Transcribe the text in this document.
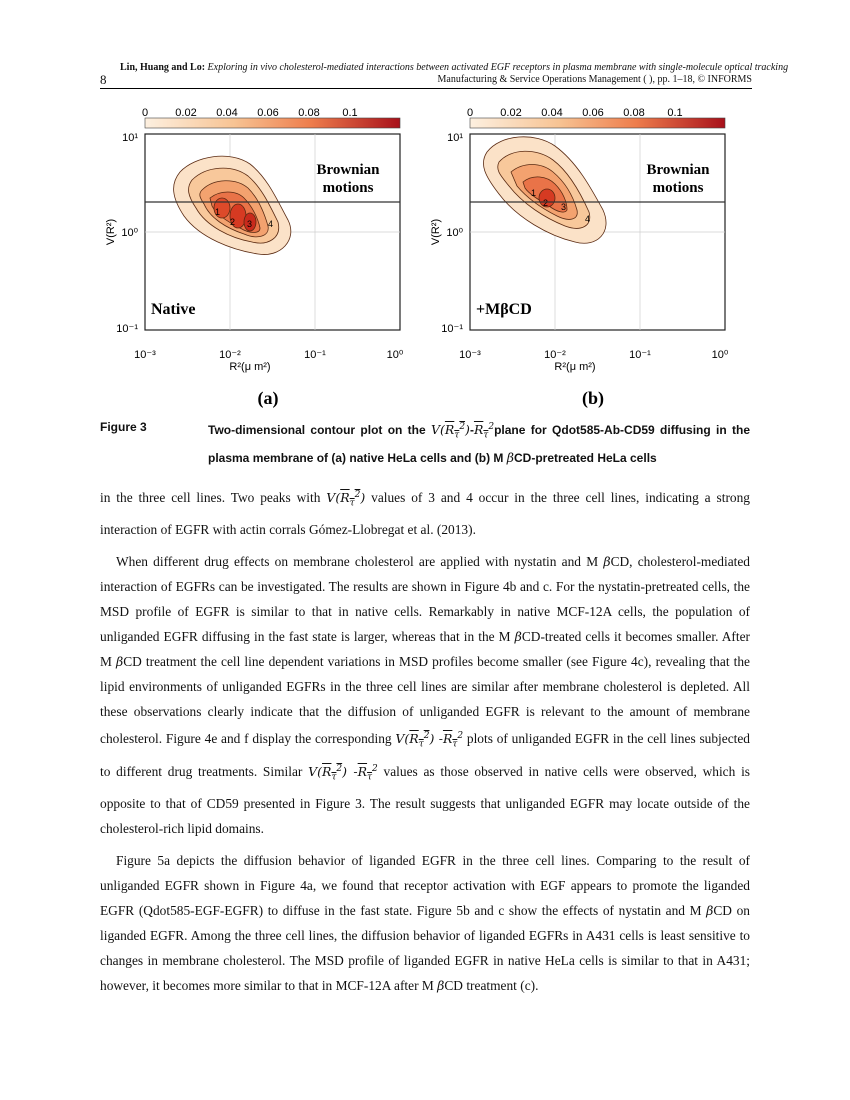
Lin, Huang and Lo: Exploring in vivo cholesterol-mediated interactions between activated EGF receptors in plasma membrane with single-molecule optical tracking
8	Manufacturing & Service Operations Management ( ), pp. 1–18, © INFORMS
0 0.02 0.04 0.06 0.08 0.1
1
2 3 4
Brownian
motions
Native
10¹
10⁰
10⁻¹
V(R²)
10⁻³	10⁻²	10⁻¹	10⁰
R²(μ m²)
(a)
0 0.02 0.04 0.06 0.08 0.1
1
2 3
4
Brownian
motions
+MβCD
10¹
10⁰
10⁻¹
V(R²)
10⁻³	10⁻²	10⁻¹	10⁰
R²(μ m²)
(b)
Figure 3	Two-dimensional contour plot on the $V(R_\tau^2)-R_\tau^2plane$ for Qdot585-Ab-CD59 diffusing in the plasma membrane of (a) native HeLa cells and (b) M βCD-pretreated HeLa cells

in the three cell lines. Two peaks with $V(R_\tau^2)$ values of 3 and 4 occur in the three cell lines, indicating a strong interaction of EGFR with actin corrals Gómez-Llobregat et al. (2013).

When different drug effects on membrane cholesterol are applied with nystatin and M βCD, cholesterol-mediated interaction of EGFRs can be investigated. The results are shown in Figure 4b and c. For the nystatin-pretreated cells, the MSD profile of EGFR is similar to that in native cells. Remarkably in native MCF-12A cells, the population of unliganded EGFR diffusing in the fast state is larger, whereas that in the M βCD-treated cells it becomes smaller. After M βCD treatment the cell line dependent variations in MSD profiles become smaller (see Figure 4c), revealing that the lipid environments of unliganded EGFRs in the three cell lines are similar after membrane cholesterol is depleted. All these observations clearly indicate that the diffusion of unliganded EGFR is relevant to the amount of membrane cholesterol. Figure 4e and f display the corresponding $V(R_\tau^2)$ $-R_\tau^2$ plots of unliganded EGFR in the cell lines subjected to different drug treatments. Similar $V(R_\tau^2)$ $-R_\tau^2$ values as those observed in native cells were observed, which is opposite to that of CD59 presented in Figure 3. The result suggests that unliganded EGFR may locate outside of the cholesterol-rich lipid domains.

Figure 5a depicts the diffusion behavior of liganded EGFR in the three cell lines. Comparing to the result of unliganded EGFR shown in Figure 4a, we found that receptor activation with EGF appears to promote the liganded EGFR (Qdot585-EGF-EGFR) to diffuse in the fast state. Figure 5b and c show the effects of nystatin and M βCD on liganded EGFR. Among the three cell lines, the diffusion behavior of liganded EGFRs in A431 cells is least sensitive to changes in membrane cholesterol. The MSD profile of liganded EGFR in native HeLa cells is similar to that in A431; however, it becomes more similar to that in MCF-12A after M βCD treatment (c).
